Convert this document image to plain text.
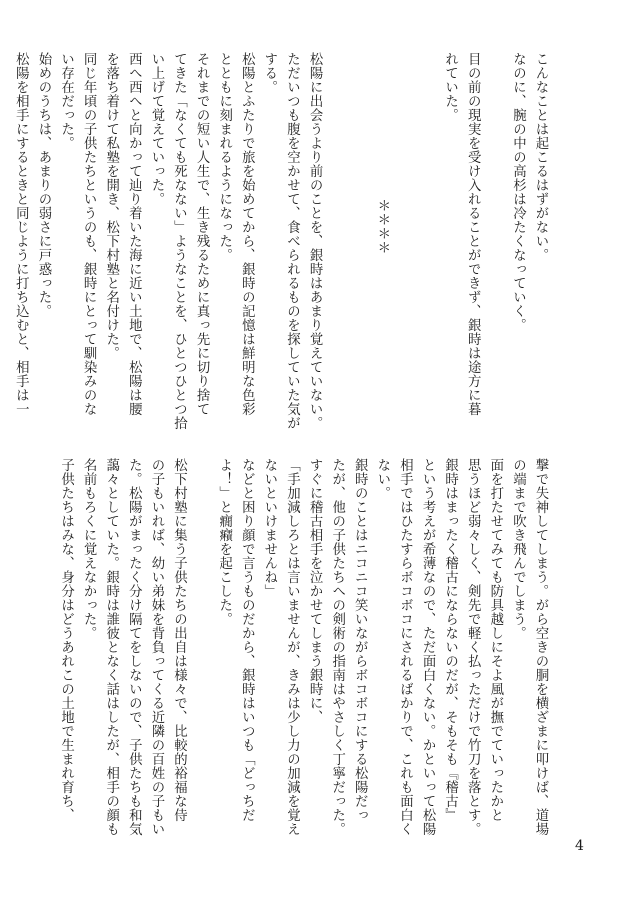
こんなことは起こるはずがない。
なのに、腕の中の高杉は冷たくなっていく。

目の前の現実を受け入れることができず、銀時は途方に暮
れていた。

＊＊＊＊

松陽に出会うより前のことを、銀時はあまり覚えていない。
ただいつも腹を空かせて、食べられるものを探していた気が
する。
松陽とふたりで旅を始めてから、銀時の記憶は鮮明な色彩
とともに刻まれるようになった。
それまでの短い人生で、生き残るために真っ先に切り捨て
てきた「なくても死なない」ようなことを、ひとつひとつ拾
い上げて覚えていった。
西へ西へと向かって辿り着いた海に近い土地で、松陽は腰
を落ち着けて私塾を開き、松下村塾と名付けた。
同じ年頃の子供たちというのも、銀時にとって馴染みのな
い存在だった。
始めのうちは、あまりの弱さに戸惑った。
松陽を相手にするときと同じように打ち込むと、相手は一
撃で失神してしまう。がら空きの胴を横ざまに叩けば、道場
の端まで吹き飛んでしまう。
面を打たせてみても防具越しにそよ風が撫でていったかと
思うほど弱々しく、剣先で軽く払っただけで竹刀を落とす。
銀時はまったく稽古にならないのだが、そもそも『稽古』
という考えが希薄なので、ただ面白くない。かといって松陽
相手ではひたすらボコボコにされるばかりで、これも面白く
ない。
銀時のことはニコニコ笑いながらボコボコにする松陽だっ
たが、他の子供たちへの剣術の指南はやさしく丁寧だった。
すぐに稽古相手を泣かせてしまう銀時に、
「手加減しろとは言いませんが、きみは少し力の加減を覚え
ないといけませんね」
などと困り顔で言うものだから、銀時はいつも「どっちだ
よ！」と癇癪を起こした。

松下村塾に集う子供たちの出自は様々で、比較的裕福な侍
の子もいれば、幼い弟妹を背負ってくる近隣の百姓の子もい
た。松陽がまったく分け隔てをしないので、子供たちも和気
藹々としていた。銀時は誰彼となく話はしたが、相手の顔も
名前もろくに覚えなかった。
子供たちはみな、身分はどうあれこの土地で生まれ育ち、
4
